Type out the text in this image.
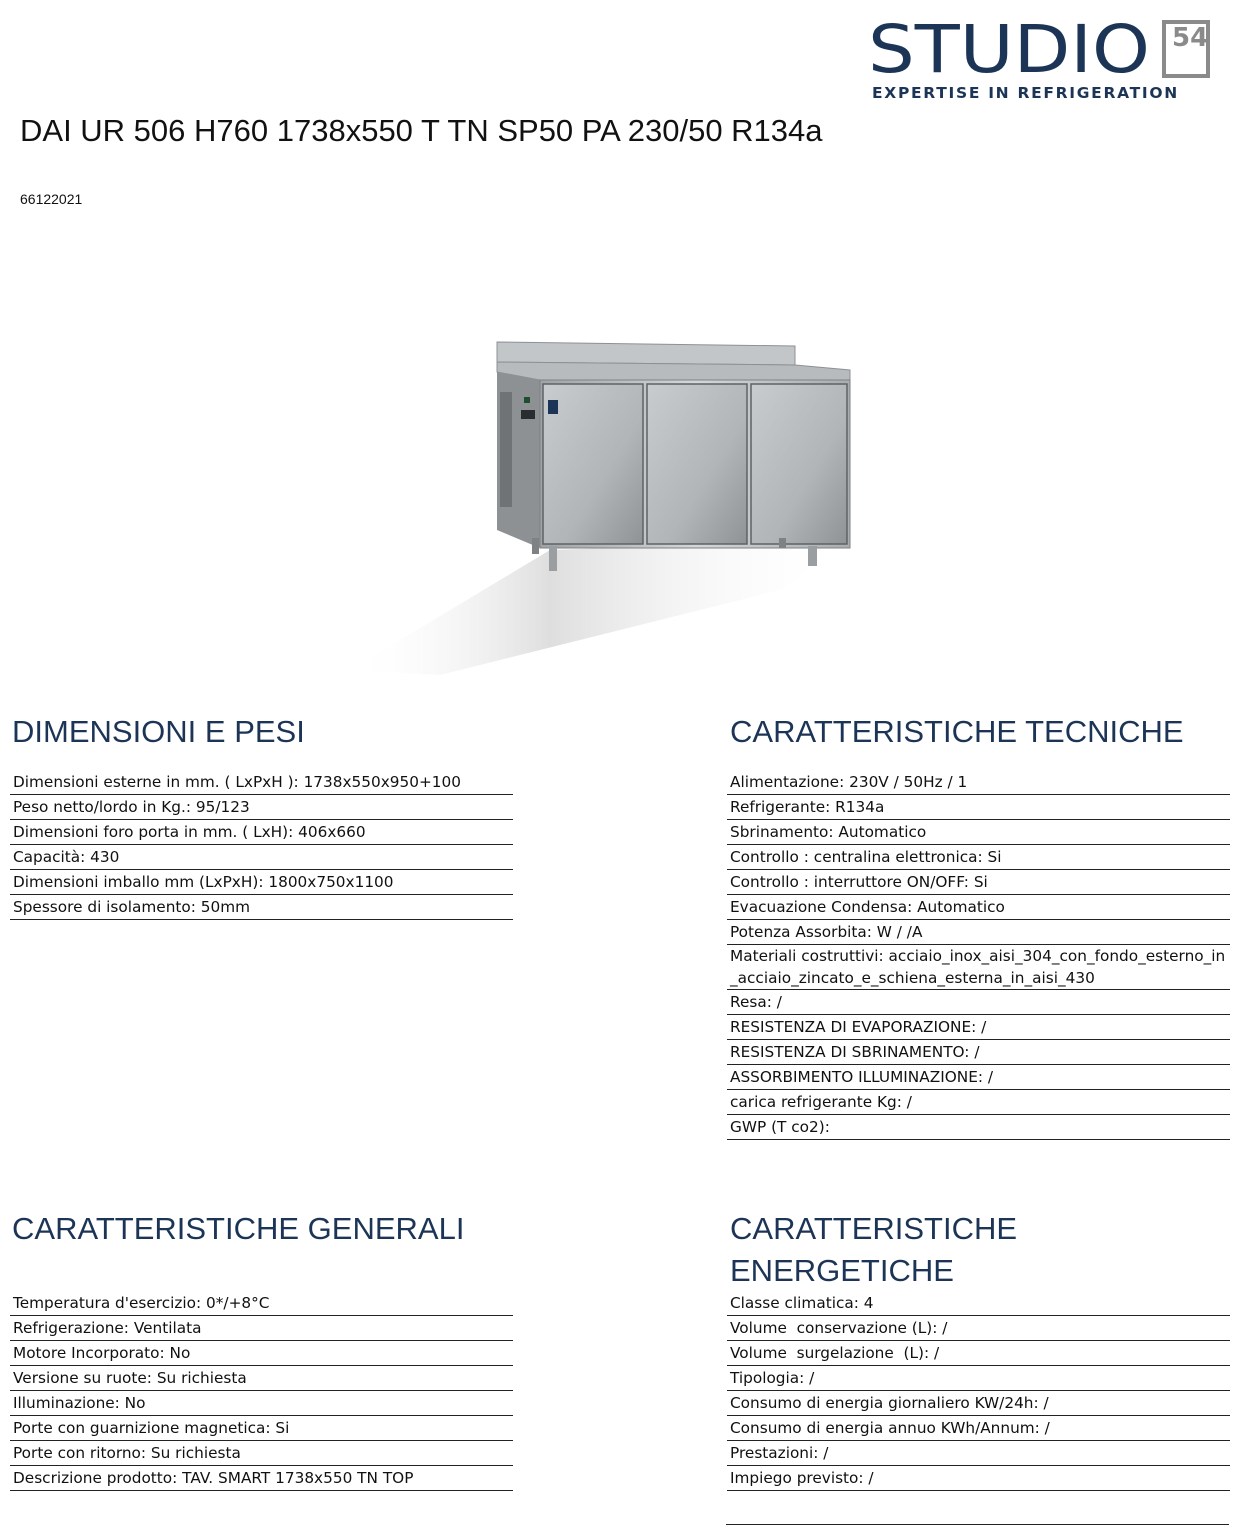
STUDIO 54
EXPERTISE IN REFRIGERATION
DAI UR 506 H760 1738x550 T TN SP50 PA 230/50 R134a
66122021
DIMENSIONI E PESI
Dimensioni esterne in mm. ( LxPxH ): 1738x550x950+100
Peso netto/lordo in Kg.: 95/123
Dimensioni foro porta in mm. ( LxH): 406x660
Capacità: 430
Dimensioni imballo mm (LxPxH): 1800x750x1100
Spessore di isolamento: 50mm
CARATTERISTICHE TECNICHE
Alimentazione: 230V / 50Hz / 1
Refrigerante: R134a
Sbrinamento: Automatico
Controllo : centralina elettronica: Si
Controllo : interruttore ON/OFF: Si
Evacuazione Condensa: Automatico
Potenza Assorbita: W / /A
Materiali costruttivi: acciaio_inox_aisi_304_con_fondo_esterno_in_acciaio_zincato_e_schiena_esterna_in_aisi_430
Resa: /
RESISTENZA DI EVAPORAZIONE: /
RESISTENZA DI SBRINAMENTO: /
ASSORBIMENTO ILLUMINAZIONE: /
carica refrigerante Kg: /
GWP (T co2):
CARATTERISTICHE GENERALI
Temperatura d'esercizio: 0*/+8°C
Refrigerazione: Ventilata
Motore Incorporato: No
Versione su ruote: Su richiesta
Illuminazione: No
Porte con guarnizione magnetica: Si
Porte con ritorno: Su richiesta
Descrizione prodotto: TAV. SMART 1738x550 TN TOP
CARATTERISTICHE ENERGETICHE
Classe climatica: 4
Volume  conservazione (L): /
Volume  surgelazione  (L): /
Tipologia: /
Consumo di energia giornaliero KW/24h: /
Consumo di energia annuo KWh/Annum: /
Prestazioni: /
Impiego previsto: /
